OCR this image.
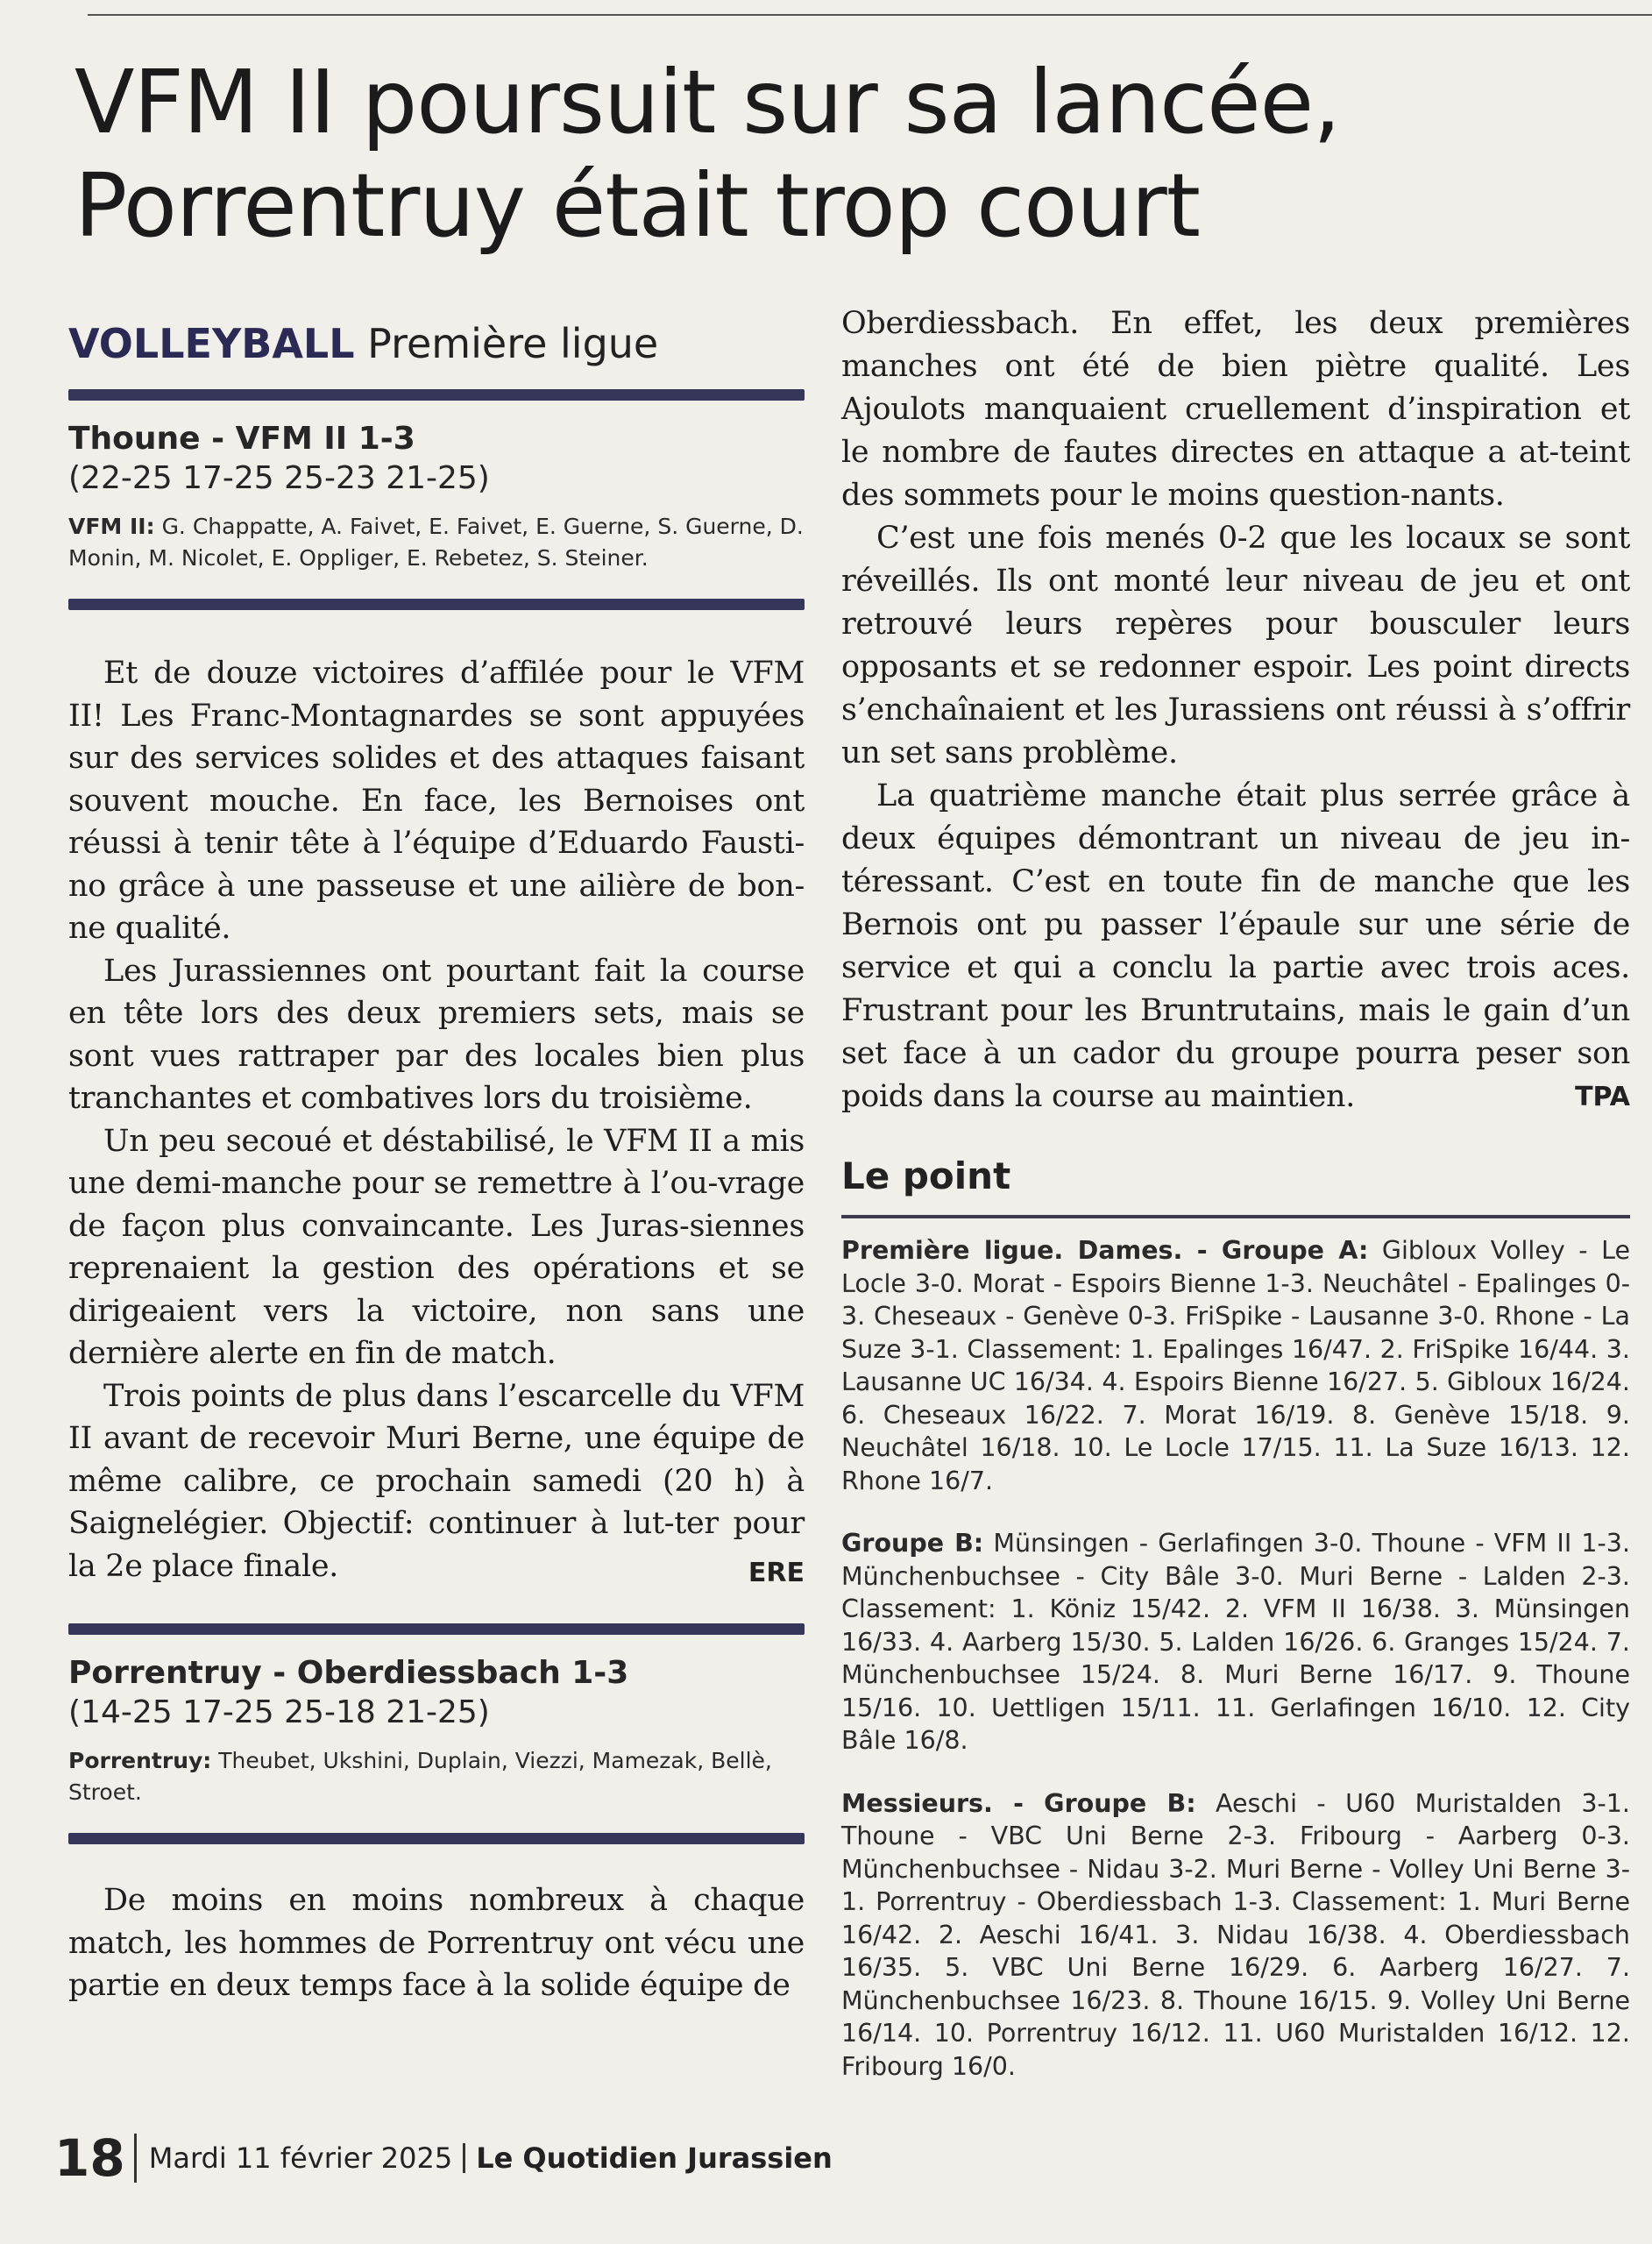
VFM II poursuit sur sa lancée, Porrentruy était trop court
VOLLEYBALL Première ligue
Thoune - VFM II 1-3
(22-25 17-25 25-23 21-25)
VFM II: G. Chappatte, A. Faivet, E. Faivet, E. Guerne, S. Guerne, D. Monin, M. Nicolet, E. Oppliger, E. Rebetez, S. Steiner.

Et de douze victoires d’affilée pour le VFM II! Les Franc-Montagnardes se sont appuyées sur des services solides et des attaques faisant souvent mouche. En face, les Bernoises ont réussi à tenir tête à l’équipe d’Eduardo Fausti-no grâce à une passeuse et une ailière de bon-ne qualité.

Les Jurassiennes ont pourtant fait la course en tête lors des deux premiers sets, mais se sont vues rattraper par des locales bien plus tranchantes et combatives lors du troisième.

Un peu secoué et déstabilisé, le VFM II a mis une demi-manche pour se remettre à l’ou-vrage de façon plus convaincante. Les Juras-siennes reprenaient la gestion des opérations et se dirigeaient vers la victoire, non sans une dernière alerte en fin de match.

Trois points de plus dans l’escarcelle du VFM II avant de recevoir Muri Berne, une équipe de même calibre, ce prochain samedi (20 h) à Saignelégier. Objectif: continuer à lut-ter pour la 2e place finale.	ERE
Porrentruy - Oberdiessbach 1-3
(14-25 17-25 25-18 21-25)
Porrentruy: Theubet, Ukshini, Duplain, Viezzi, Mamezak, Bellè, Stroet.

De moins en moins nombreux à chaque match, les hommes de Porrentruy ont vécu une partie en deux temps face à la solide équipe de

Oberdiessbach. En effet, les deux premières manches ont été de bien piètre qualité. Les Ajoulots manquaient cruellement d’inspiration et le nombre de fautes directes en attaque a at-teint des sommets pour le moins question-nants.

C’est une fois menés 0-2 que les locaux se sont réveillés. Ils ont monté leur niveau de jeu et ont retrouvé leurs repères pour bousculer leurs opposants et se redonner espoir. Les point directs s’enchaînaient et les Jurassiens ont réussi à s’offrir un set sans problème.

La quatrième manche était plus serrée grâce à deux équipes démontrant un niveau de jeu in-téressant. C’est en toute fin de manche que les Bernois ont pu passer l’épaule sur une série de service et qui a conclu la partie avec trois aces. Frustrant pour les Bruntrutains, mais le gain d’un set face à un cador du groupe pourra peser son poids dans la course au maintien.	TPA
Le point

Première ligue. Dames. - Groupe A: Gibloux Volley - Le Locle 3-0. Morat - Espoirs Bienne 1-3. Neuchâtel - Epalinges 0-3. Cheseaux - Genève 0-3. FriSpike - Lausanne 3-0. Rhone - La Suze 3-1. Classement: 1. Epalinges 16/47. 2. FriSpike 16/44. 3. Lausanne UC 16/34. 4. Espoirs Bienne 16/27. 5. Gibloux 16/24. 6. Cheseaux 16/22. 7. Morat 16/19. 8. Genève 15/18. 9. Neuchâtel 16/18. 10. Le Locle 17/15. 11. La Suze 16/13. 12. Rhone 16/7.

Groupe B: Münsingen - Gerlafingen 3-0. Thoune - VFM II 1-3. Münchenbuchsee - City Bâle 3-0. Muri Berne - Lalden 2-3. Classement: 1. Köniz 15/42. 2. VFM II 16/38. 3. Münsingen 16/33. 4. Aarberg 15/30. 5. Lalden 16/26. 6. Granges 15/24. 7. Münchenbuchsee 15/24. 8. Muri Berne 16/17. 9. Thoune 15/16. 10. Uettligen 15/11. 11. Gerlafingen 16/10. 12. City Bâle 16/8.

Messieurs. - Groupe B: Aeschi - U60 Muristalden 3-1. Thoune - VBC Uni Berne 2-3. Fribourg - Aarberg 0-3. Münchenbuchsee - Nidau 3-2. Muri Berne - Volley Uni Berne 3-1. Porrentruy - Oberdiessbach 1-3. Classement: 1. Muri Berne 16/42. 2. Aeschi 16/41. 3. Nidau 16/38. 4. Oberdiessbach 16/35. 5. VBC Uni Berne 16/29. 6. Aarberg 16/27. 7. Münchenbuchsee 16/23. 8. Thoune 16/15. 9. Volley Uni Berne 16/14. 10. Porrentruy 16/12. 11. U60 Muristalden 16/12. 12. Fribourg 16/0.

18 Mardi 11 février 2025 Le Quotidien Jurassien
